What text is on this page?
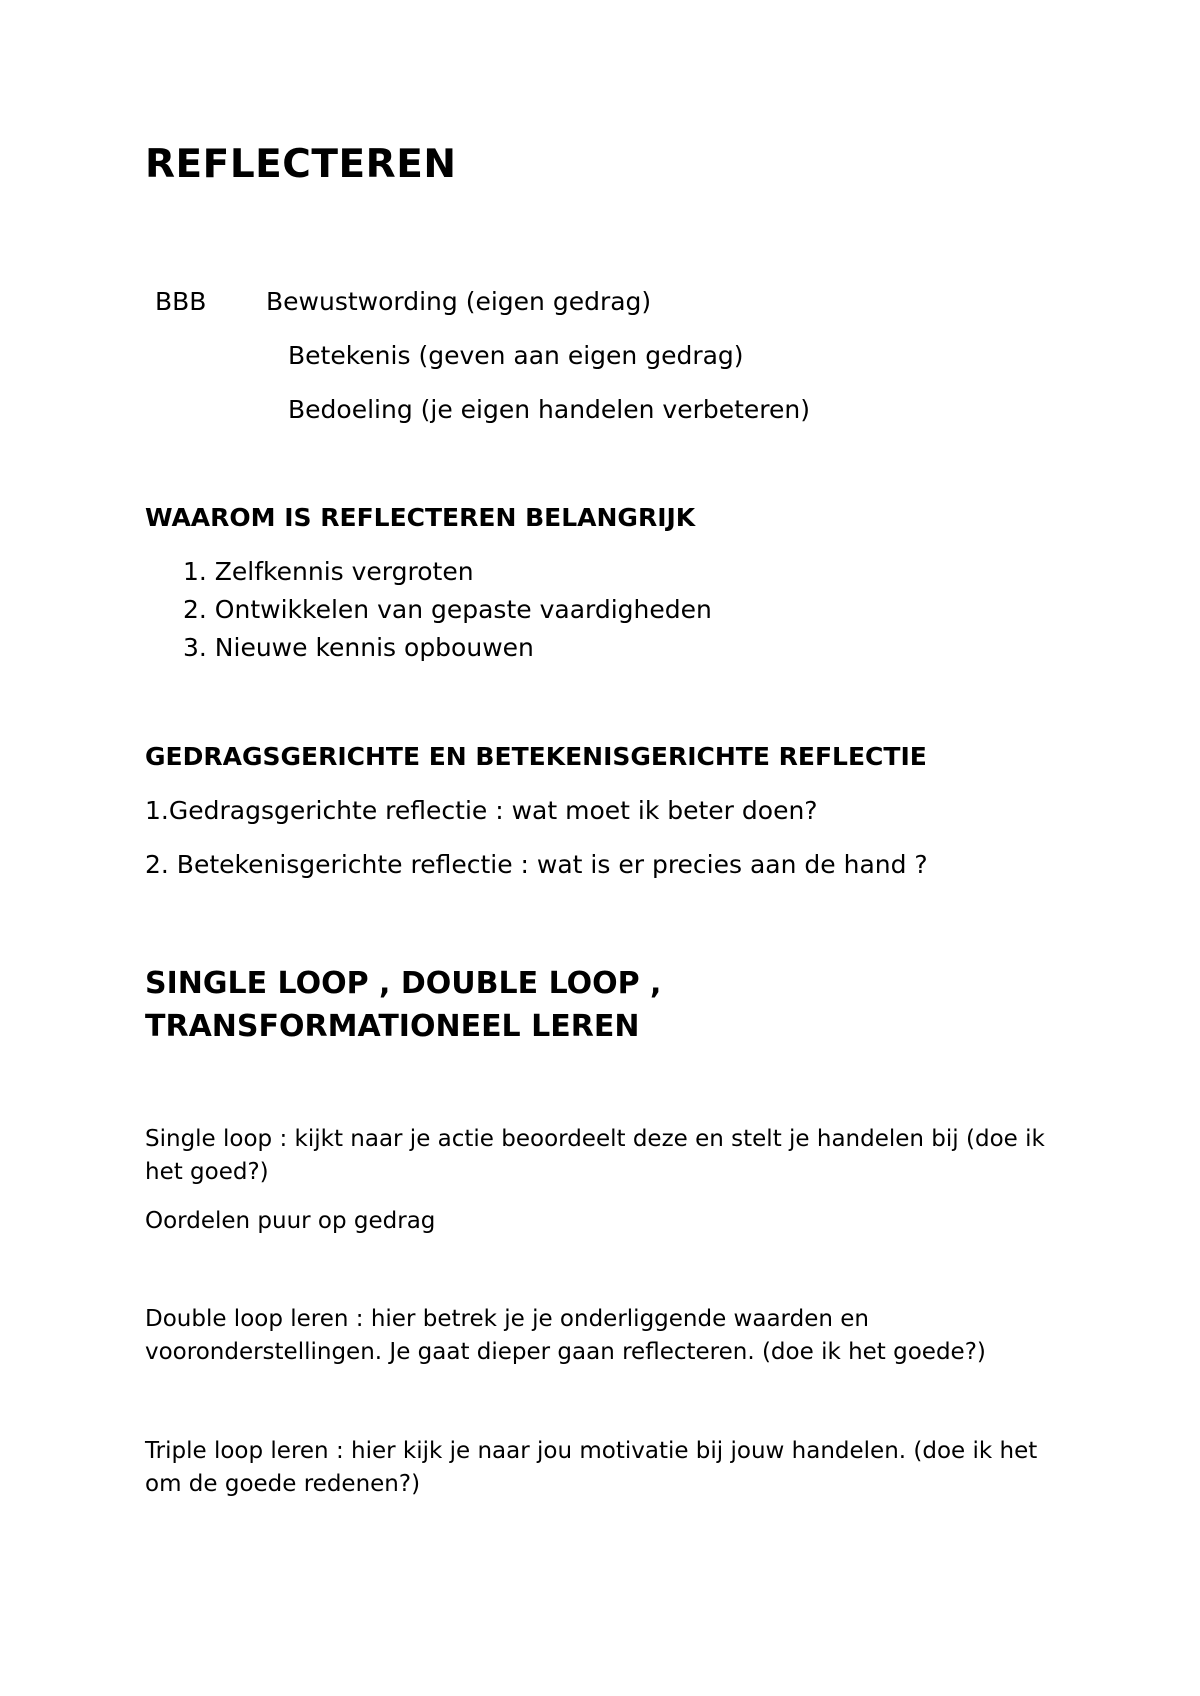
REFLECTEREN
BBB Bewustwording (eigen gedrag)
Betekenis (geven aan eigen gedrag)
Bedoeling (je eigen handelen verbeteren)
WAAROM IS REFLECTEREN BELANGRIJK
1. Zelfkennis vergroten
2. Ontwikkelen van gepaste vaardigheden
3. Nieuwe kennis opbouwen
GEDRAGSGERICHTE EN BETEKENISGERICHTE REFLECTIE
1.Gedragsgerichte reflectie : wat moet ik beter doen?
2. Betekenisgerichte reflectie : wat is er precies aan de hand ?
SINGLE LOOP , DOUBLE LOOP ,
TRANSFORMATIONEEL LEREN
Single loop : kijkt naar je actie beoordeelt deze en stelt je handelen bij (doe ik het goed?)
Oordelen puur op gedrag
Double loop leren : hier betrek je je onderliggende waarden en vooronderstellingen. Je gaat dieper gaan reflecteren. (doe ik het goede?)
Triple loop leren : hier kijk je naar jou motivatie bij jouw handelen. (doe ik het om de goede redenen?)
